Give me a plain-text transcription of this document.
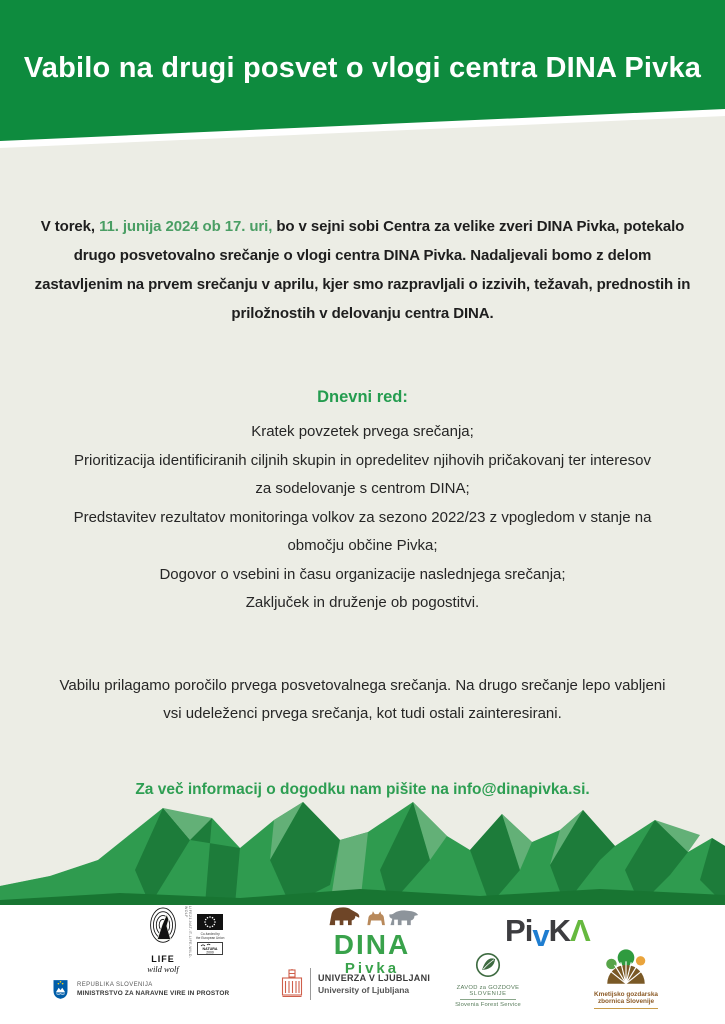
Vabilo na drugi posvet o vlogi centra DINA Pivka

V torek, 11. junija 2024 ob 17. uri, bo v sejni sobi Centra za velike zveri DINA Pivka, potekalo drugo posvetovalno srečanje o vlogi centra DINA Pivka. Nadaljevali bomo z delom zastavljenim na prvem srečanju v aprilu, kjer smo razpravljali o izzivih, težavah, prednostih in priložnostih v delovanju centra DINA.

Dnevni red:
Kratek povzetek prvega srečanja;
Prioritizacija identificiranih ciljnih skupin in opredelitev njihovih pričakovanj ter interesov za sodelovanje s centrom DINA;
Predstavitev rezultatov monitoringa volkov za sezono 2022/23 z vpogledom v stanje na območju občine Pivka;
Dogovor o vsebini in času organizacije naslednjega srečanja;
Zaključek in druženje ob pogostitvi.

Vabilu prilagamo poročilo prvega posvetovalnega srečanja. Na drugo srečanje lepo vabljeni vsi udeleženci prvega srečanja, kot tudi ostali zainteresirani.

Za več informacij o dogodku nam pišite na info@dinapivka.si.
LIFE
wild wolf
LIFE21-NAT-IT-LIFE-WILD-WOLF
Co-funded by
the European Union
NATURA
2000	DINA
Pivka
P i v K Λ
REPUBLIKA SLOVENIJA
MINISTRSTVO ZA NARAVNE VIRE IN PROSTOR
UNIVERZA V LJUBLJANI
University of Ljubljana	ZAVOD za GOZDOVE
SLOVENIJE
Slovenia Forest Service

Kmetijsko gozdarska
zbornica Slovenije
